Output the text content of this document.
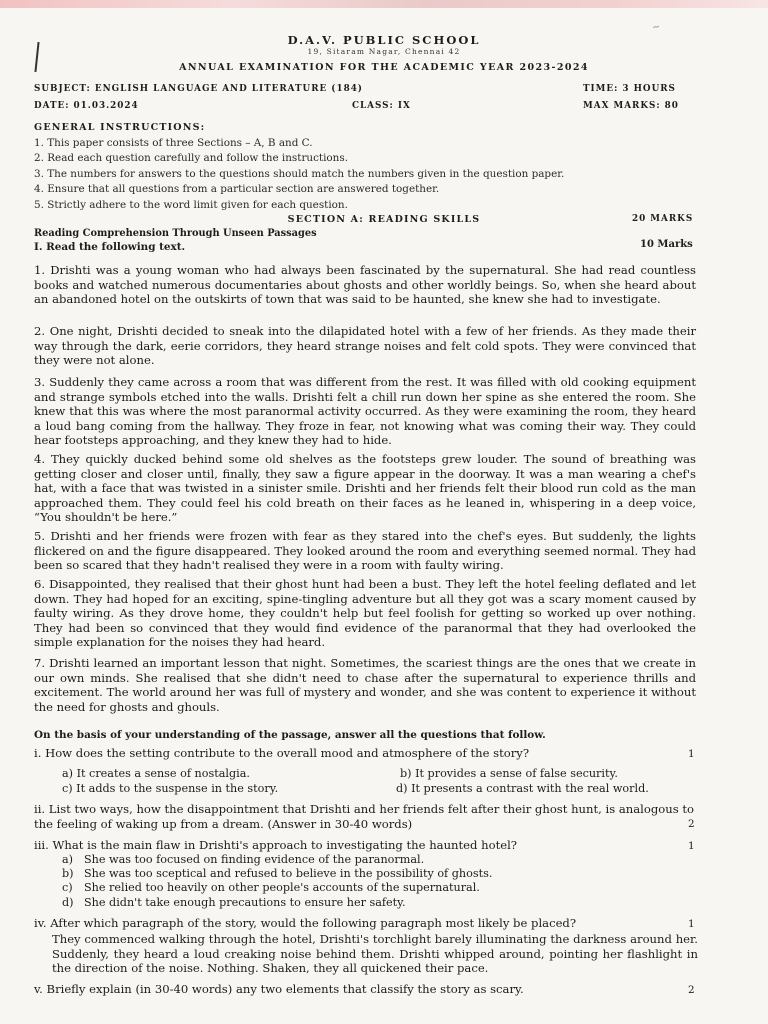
~
D.A.V. PUBLIC SCHOOL
19, Sitaram Nagar, Chennai 42
ANNUAL EXAMINATION FOR THE ACADEMIC YEAR 2023-2024
SUBJECT: ENGLISH LANGUAGE AND LITERATURE (184)	TIME: 3 HOURS
DATE: 01.03.2024	CLASS: IX	MAX MARKS: 80
GENERAL INSTRUCTIONS:
1. This paper consists of three Sections – A, B and C.
2. Read each question carefully and follow the instructions.
3. The numbers for answers to the questions should match the numbers given in the question paper.
4. Ensure that all questions from a particular section are answered together.
5. Strictly adhere to the word limit given for each question.
SECTION A: READING SKILLS	20 MARKS
Reading Comprehension Through Unseen Passages
I. Read the following text.	10 Marks
1. Drishti was a young woman who had always been fascinated by the supernatural. She had read countless books and watched numerous documentaries about ghosts and other worldly beings. So, when she heard about an abandoned hotel on the outskirts of town that was said to be haunted, she knew she had to investigate.
2. One night, Drishti decided to sneak into the dilapidated hotel with a few of her friends. As they made their way through the dark, eerie corridors, they heard strange noises and felt cold spots. They were convinced that they were not alone.
3. Suddenly they came across a room that was different from the rest. It was filled with old cooking equipment and strange symbols etched into the walls. Drishti felt a chill run down her spine as she entered the room. She knew that this was where the most paranormal activity occurred. As they were examining the room, they heard a loud bang coming from the hallway. They froze in fear, not knowing what was coming their way. They could hear footsteps approaching, and they knew they had to hide.
4. They quickly ducked behind some old shelves as the footsteps grew louder. The sound of breathing was getting closer and closer until, finally, they saw a figure appear in the doorway. It was a man wearing a chef's hat, with a face that was twisted in a sinister smile. Drishti and her friends felt their blood run cold as the man approached them. They could feel his cold breath on their faces as he leaned in, whispering in a deep voice, “You shouldn't be here.”
5. Drishti and her friends were frozen with fear as they stared into the chef's eyes. But suddenly, the lights flickered on and the figure disappeared. They looked around the room and everything seemed normal. They had been so scared that they hadn't realised they were in a room with faulty wiring.
6. Disappointed, they realised that their ghost hunt had been a bust. They left the hotel feeling deflated and let down. They had hoped for an exciting, spine-tingling adventure but all they got was a scary moment caused by faulty wiring. As they drove home, they couldn't help but feel foolish for getting so worked up over nothing. They had been so convinced that they would find evidence of the paranormal that they had overlooked the simple explanation for the noises they had heard.
7. Drishti learned an important lesson that night. Sometimes, the scariest things are the ones that we create in our own minds. She realised that she didn't need to chase after the supernatural to experience thrills and excitement. The world around her was full of mystery and wonder, and she was content to experience it without the need for ghosts and ghouls.
On the basis of your understanding of the passage, answer all the questions that follow.
i. How does the setting contribute to the overall mood and atmosphere of the story?	1
a) It creates a sense of nostalgia.	b) It provides a sense of false security.
c) It adds to the suspense in the story.	d) It presents a contrast with the real world.
ii. List two ways, how the disappointment that Drishti and her friends felt after their ghost hunt, is analogous to the feeling of waking up from a dream. (Answer in 30-40 words)	2
iii. What is the main flaw in Drishti's approach to investigating the haunted hotel?	1
a) She was too focused on finding evidence of the paranormal.
b) She was too sceptical and refused to believe in the possibility of ghosts.
c) She relied too heavily on other people's accounts of the supernatural.
d) She didn't take enough precautions to ensure her safety.
iv. After which paragraph of the story, would the following paragraph most likely be placed?	1
They commenced walking through the hotel, Drishti's torchlight barely illuminating the darkness around her. Suddenly, they heard a loud creaking noise behind them. Drishti whipped around, pointing her flashlight in the direction of the noise. Nothing. Shaken, they all quickened their pace.
v. Briefly explain (in 30-40 words) any two elements that classify the story as scary.	2
